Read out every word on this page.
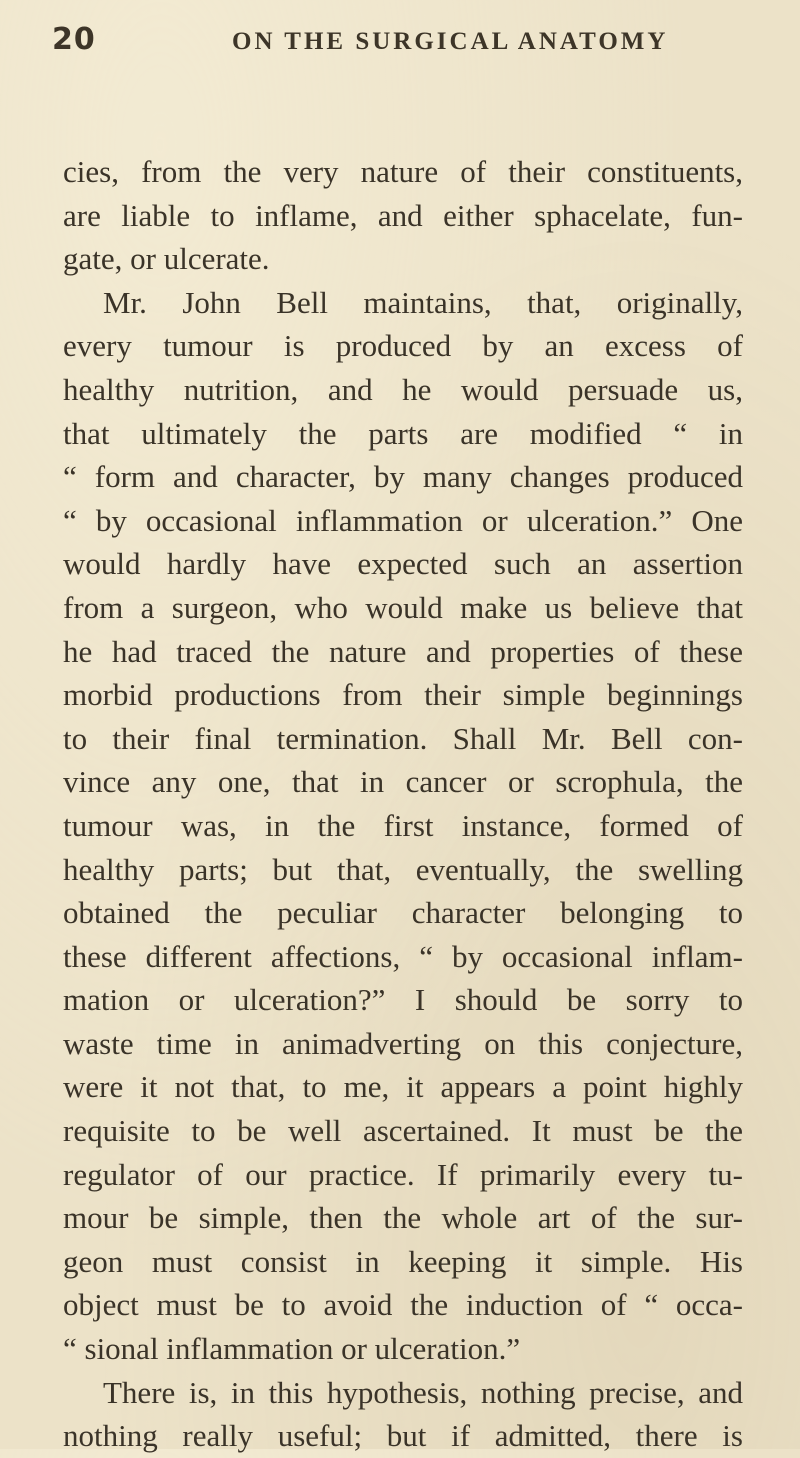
20	ON THE SURGICAL ANATOMY
cies, from the very nature of their constituents,
are liable to inflame, and either sphacelate, fun-
gate, or ulcerate.
Mr. John Bell maintains, that, originally,
every tumour is produced by an excess of
healthy nutrition, and he would persuade us,
that ultimately the parts are modified “ in
“ form and character, by many changes produced
“ by occasional inflammation or ulceration.” One
would hardly have expected such an assertion
from a surgeon, who would make us believe that
he had traced the nature and properties of these
morbid productions from their simple beginnings
to their final termination. Shall Mr. Bell con-
vince any one, that in cancer or scrophula, the
tumour was, in the first instance, formed of
healthy parts; but that, eventually, the swelling
obtained the peculiar character belonging to
these different affections, “ by occasional inflam-
mation or ulceration?” I should be sorry to
waste time in animadverting on this conjecture,
were it not that, to me, it appears a point highly
requisite to be well ascertained. It must be the
regulator of our practice. If primarily every tu-
mour be simple, then the whole art of the sur-
geon must consist in keeping it simple. His
object must be to avoid the induction of “ occa-
“ sional inflammation or ulceration.”
There is, in this hypothesis, nothing precise, and
nothing really useful; but if admitted, there is
